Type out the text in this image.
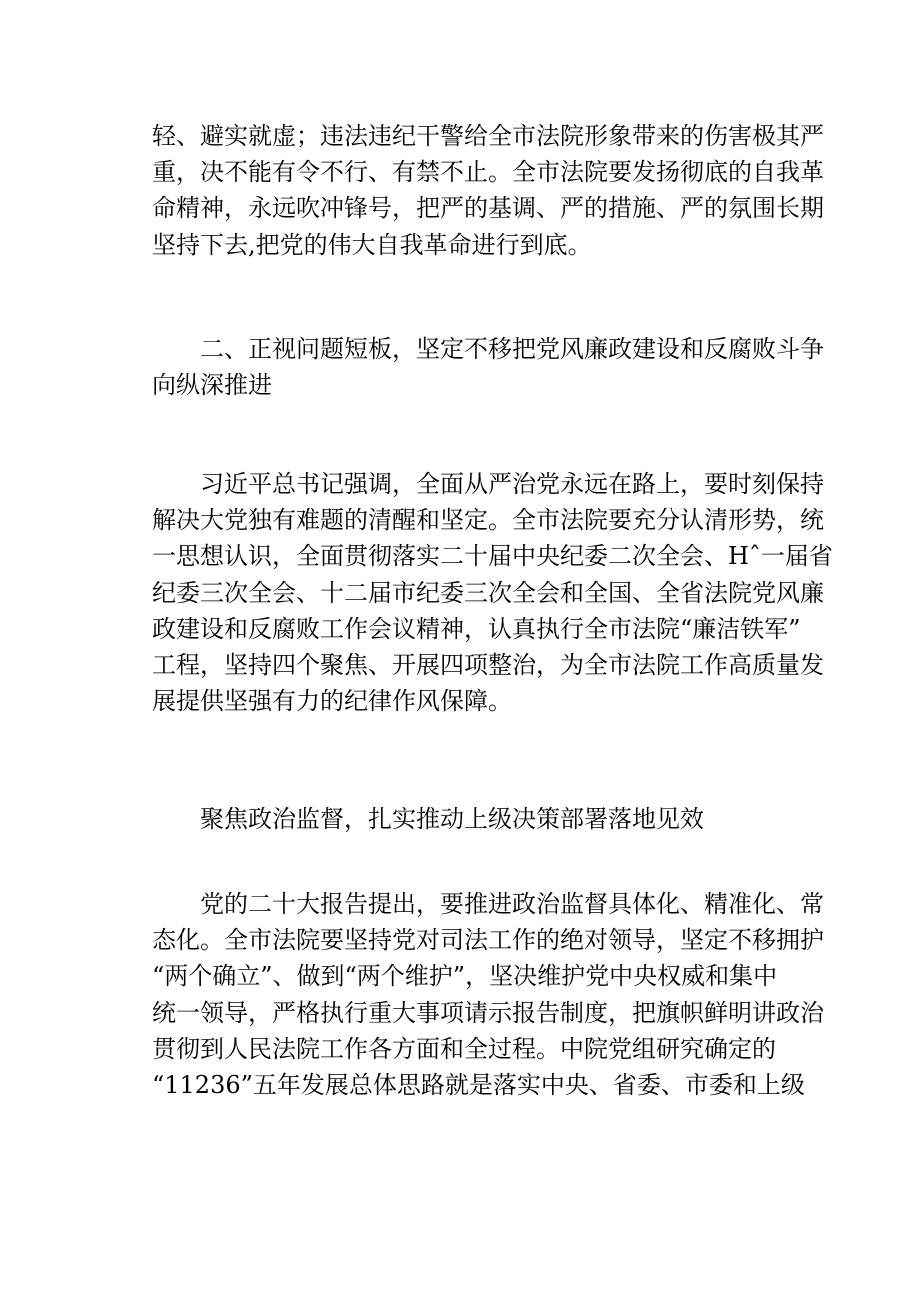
轻、避实就虚；违法违纪干警给全市法院形象带来的伤害极其严
重，决不能有令不行、有禁不止。全市法院要发扬彻底的自我革
命精神，永远吹冲锋号，把严的基调、严的措施、严的氛围长期
坚持下去,把党的伟大自我革命进行到底。
二、正视问题短板，坚定不移把党风廉政建设和反腐败斗争
向纵深推进
习近平总书记强调，全面从严治党永远在路上，要时刻保持
解决大党独有难题的清醒和坚定。全市法院要充分认清形势，统
一思想认识，全面贯彻落实二十届中央纪委二次全会、Hˆ一届省
纪委三次全会、十二届市纪委三次全会和全国、全省法院党风廉
政建设和反腐败工作会议精神，认真执行全市法院“廉洁铁军”
工程，坚持四个聚焦、开展四项整治，为全市法院工作高质量发
展提供坚强有力的纪律作风保障。
聚焦政治监督，扎实推动上级决策部署落地见效
党的二十大报告提出，要推进政治监督具体化、精准化、常
态化。全市法院要坚持党对司法工作的绝对领导，坚定不移拥护
“两个确立”、做到“两个维护”，坚决维护党中央权威和集中
统一领导，严格执行重大事项请示报告制度，把旗帜鲜明讲政治
贯彻到人民法院工作各方面和全过程。中院党组研究确定的
“11236”五年发展总体思路就是落实中央、省委、市委和上级
